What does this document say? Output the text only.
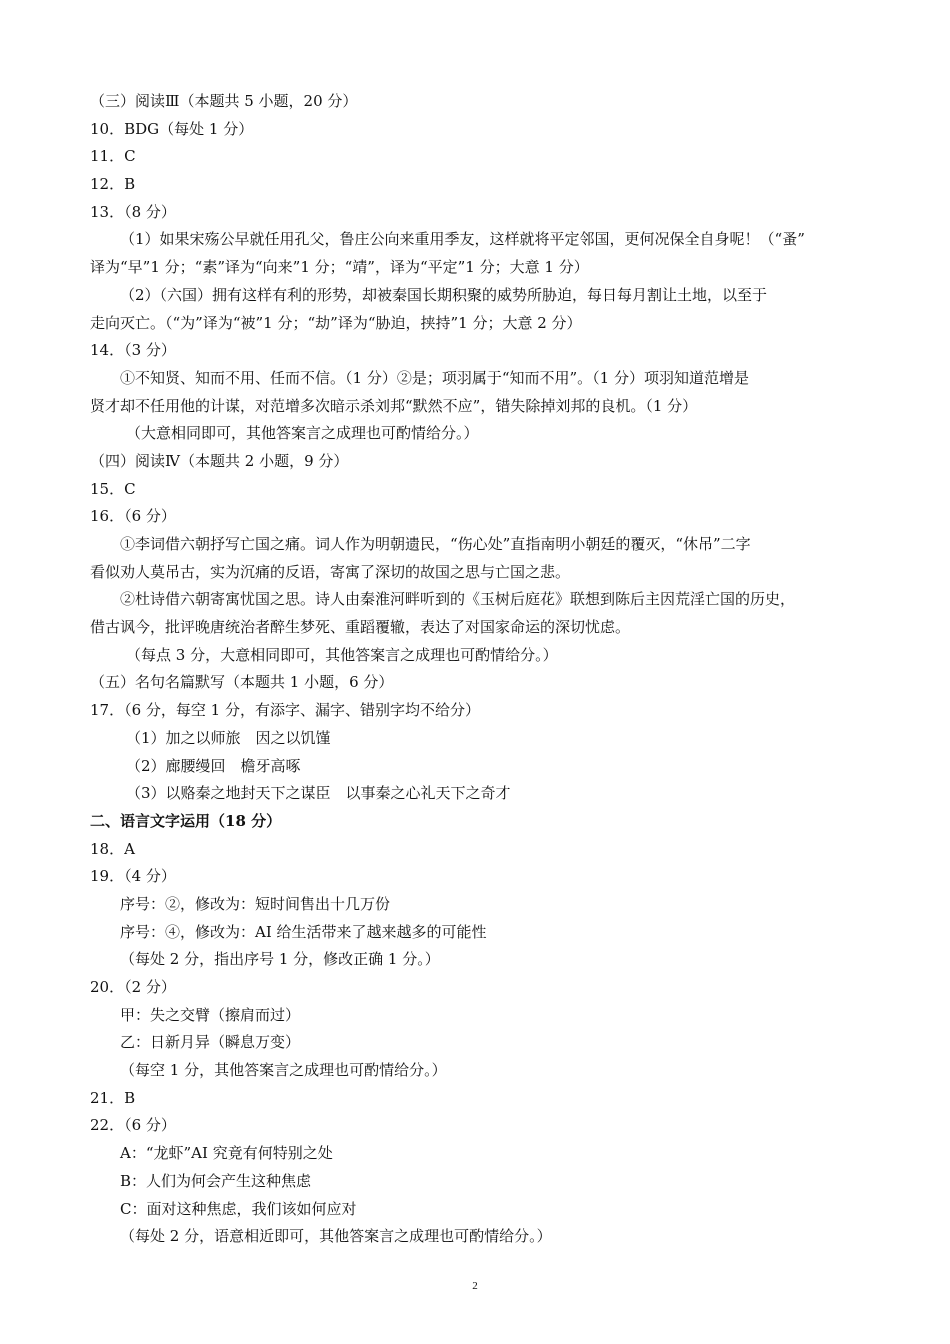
（三）阅读Ⅲ（本题共 5 小题，20 分）
10．BDG（每处 1 分）
11．C
12．B
13．（8 分）
（1）如果宋殇公早就任用孔父，鲁庄公向来重用季友，这样就将平定邻国，更何况保全自身呢！（“蚤”
译为“早”1 分；“素”译为“向来”1 分；“靖”，译为“平定”1 分；大意 1 分）
（2）（六国）拥有这样有利的形势，却被秦国长期积聚的威势所胁迫，每日每月割让土地，以至于
走向灭亡。（“为”译为“被”1 分；“劫”译为“胁迫，挟持”1 分；大意 2 分）
14．（3 分）
①不知贤、知而不用、任而不信。（1 分）②是；项羽属于“知而不用”。（1 分）项羽知道范增是
贤才却不任用他的计谋，对范增多次暗示杀刘邦“默然不应”，错失除掉刘邦的良机。（1 分）
（大意相同即可，其他答案言之成理也可酌情给分。）
（四）阅读Ⅳ（本题共 2 小题，9 分）
15．C
16．（6 分）
①李词借六朝抒写亡国之痛。词人作为明朝遗民，“伤心处”直指南明小朝廷的覆灭，“休吊”二字
看似劝人莫吊古，实为沉痛的反语，寄寓了深切的故国之思与亡国之悲。
②杜诗借六朝寄寓忧国之思。诗人由秦淮河畔听到的《玉树后庭花》联想到陈后主因荒淫亡国的历史，
借古讽今，批评晚唐统治者醉生梦死、重蹈覆辙，表达了对国家命运的深切忧虑。
（每点 3 分，大意相同即可，其他答案言之成理也可酌情给分。）
（五）名句名篇默写（本题共 1 小题，6 分）
17．（6 分，每空 1 分，有添字、漏字、错别字均不给分）
（1）加之以师旅　因之以饥馑
（2）廊腰缦回　檐牙高啄
（3）以赂秦之地封天下之谋臣　以事秦之心礼天下之奇才
二、语言文字运用（18 分）
18．A
19．（4 分）
序号：②，修改为：短时间售出十几万份
序号：④，修改为：AI 给生活带来了越来越多的可能性
（每处 2 分，指出序号 1 分，修改正确 1 分。）
20．（2 分）
甲：失之交臂（擦肩而过）
乙：日新月异（瞬息万变）
（每空 1 分，其他答案言之成理也可酌情给分。）
21．B
22．（6 分）
A：“龙虾”AI 究竟有何特别之处
B：人们为何会产生这种焦虑
C：面对这种焦虑，我们该如何应对
（每处 2 分，语意相近即可，其他答案言之成理也可酌情给分。）
2
